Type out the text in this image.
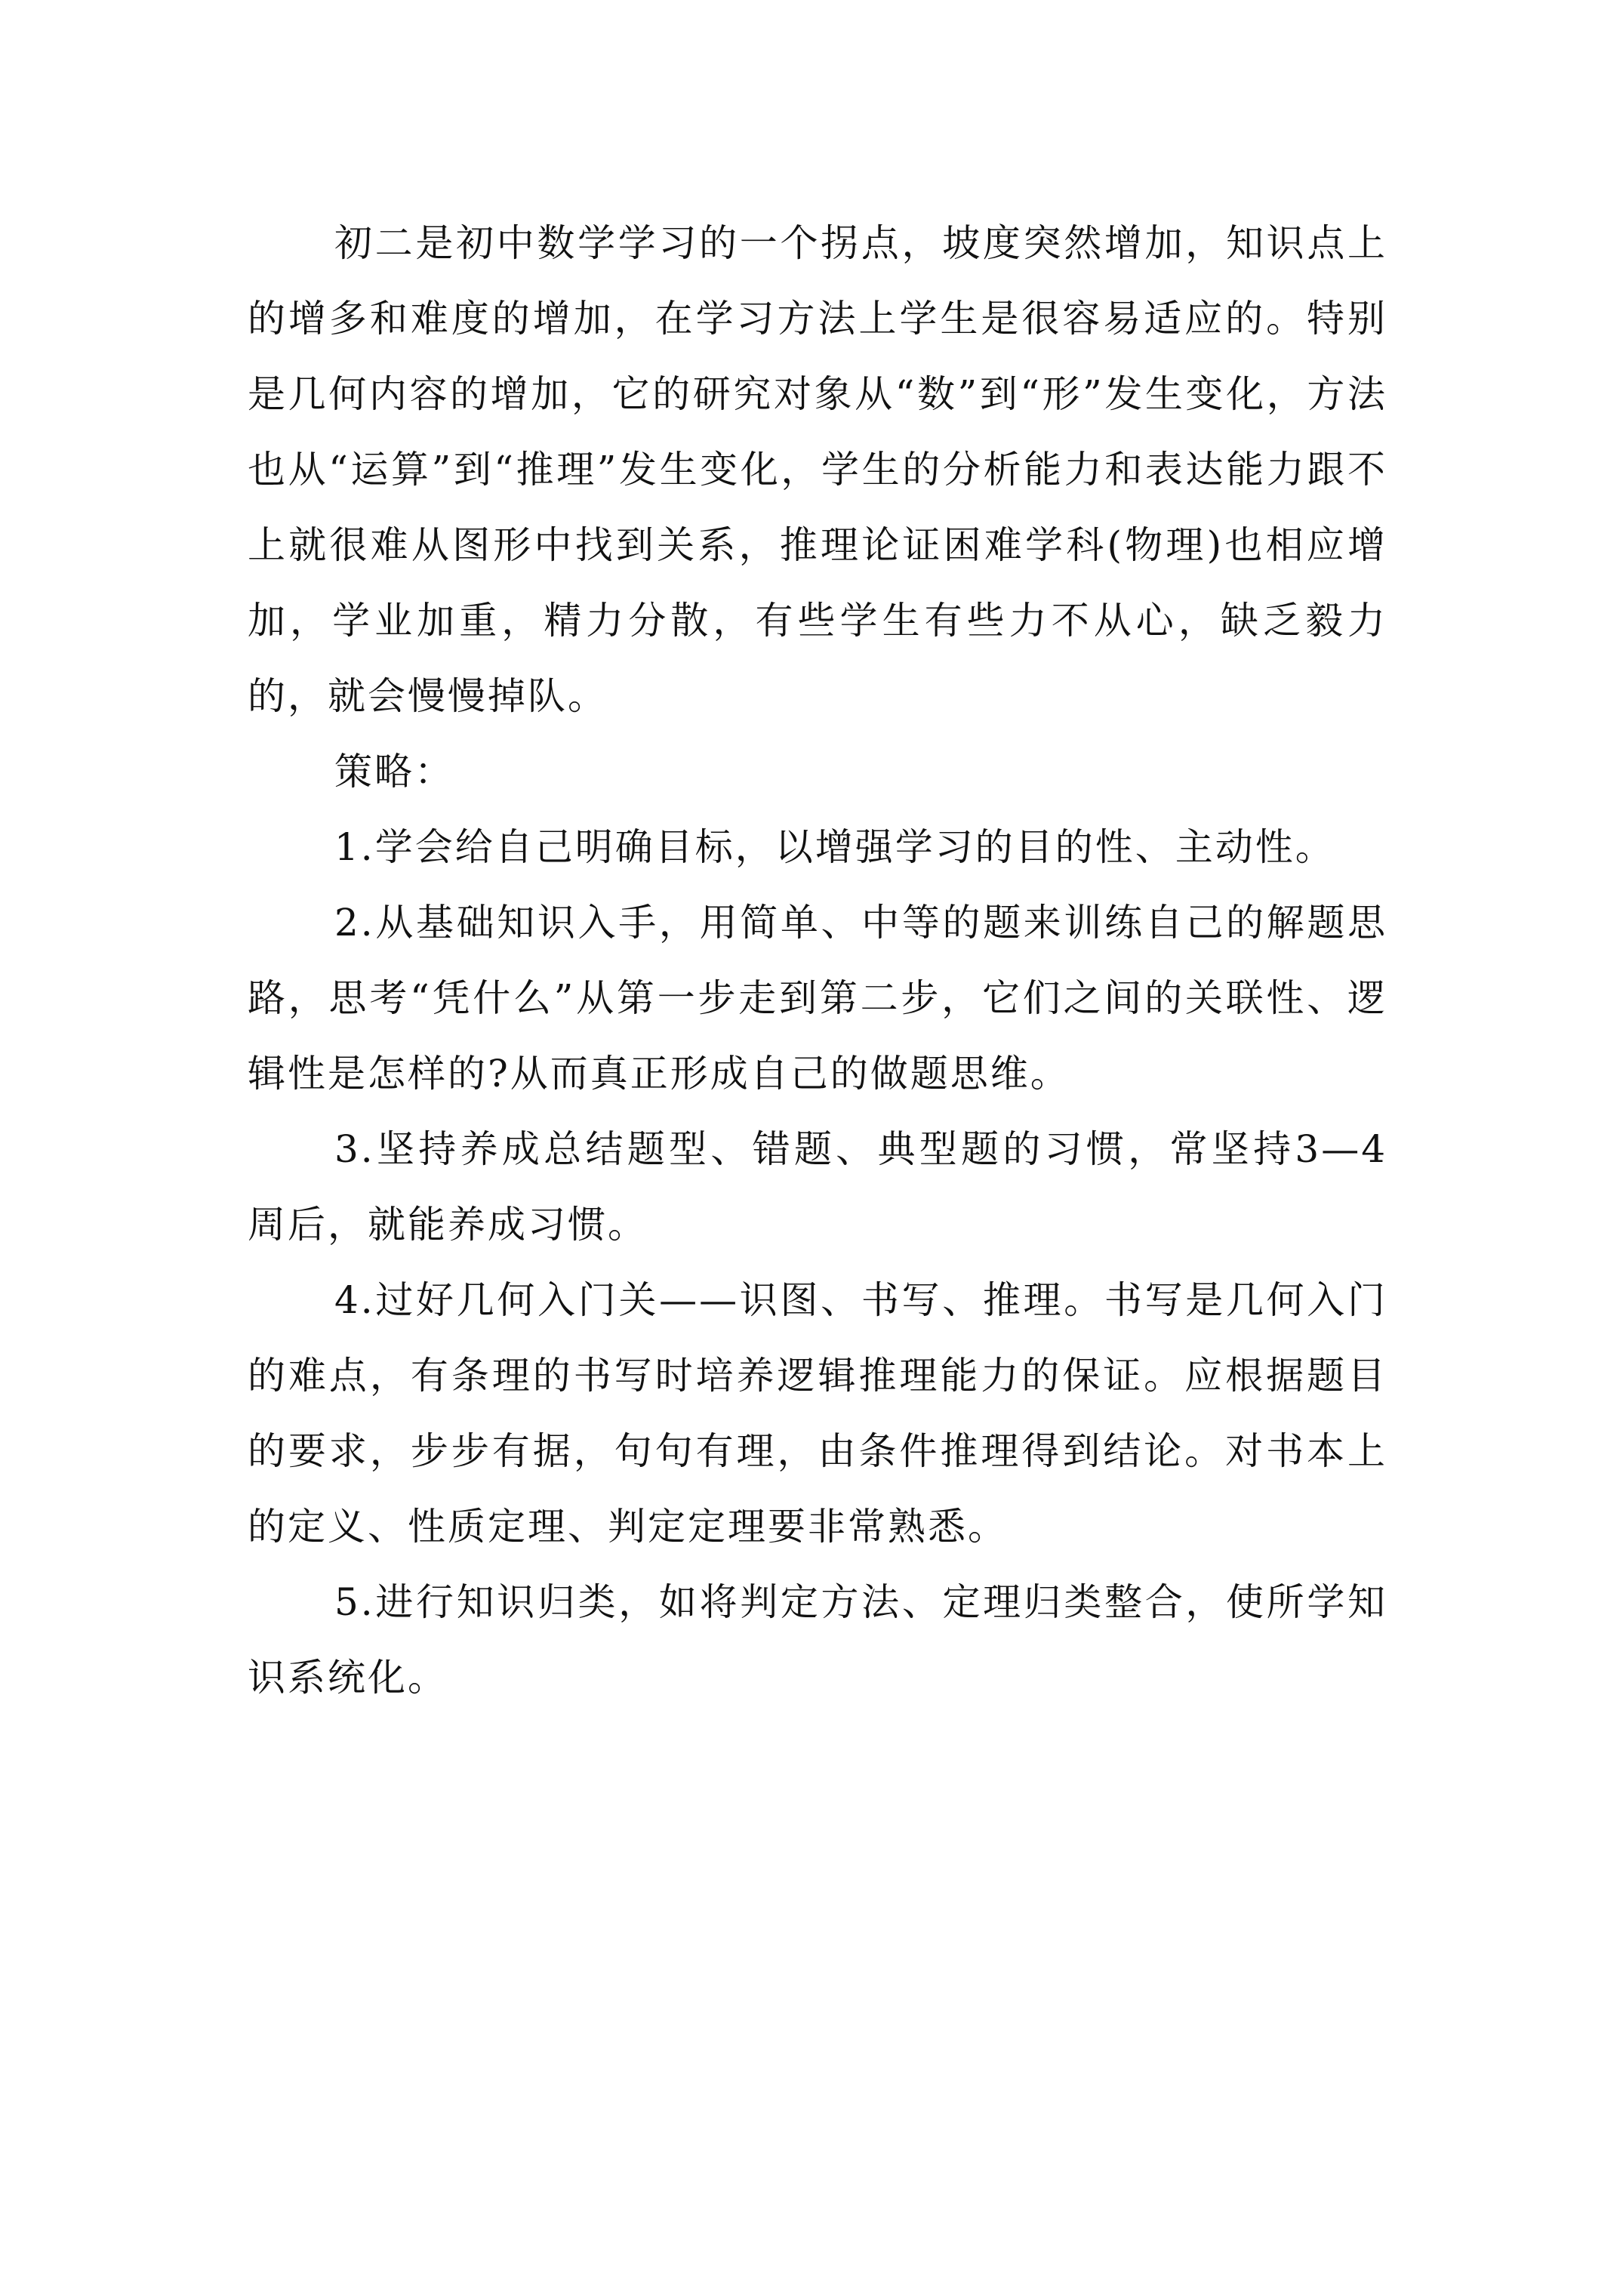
初二是初中数学学习的一个拐点，坡度突然增加，知识点上的增多和难度的增加，在学习方法上学生是很容易适应的。特别是几何内容的增加，它的研究对象从“数”到“形”发生变化，方法也从“运算”到“推理”发生变化，学生的分析能力和表达能力跟不上就很难从图形中找到关系，推理论证困难学科(物理)也相应增加，学业加重，精力分散，有些学生有些力不从心，缺乏毅力的，就会慢慢掉队。

策略：

1.学会给自己明确目标，以增强学习的目的性、主动性。

2.从基础知识入手，用简单、中等的题来训练自己的解题思路，思考“凭什么”从第一步走到第二步，它们之间的关联性、逻辑性是怎样的?从而真正形成自己的做题思维。

3.坚持养成总结题型、错题、典型题的习惯，常坚持3—4周后，就能养成习惯。

4.过好几何入门关——识图、书写、推理。书写是几何入门的难点，有条理的书写时培养逻辑推理能力的保证。应根据题目的要求，步步有据，句句有理，由条件推理得到结论。对书本上的定义、性质定理、判定定理要非常熟悉。

5.进行知识归类，如将判定方法、定理归类整合，使所学知识系统化。
